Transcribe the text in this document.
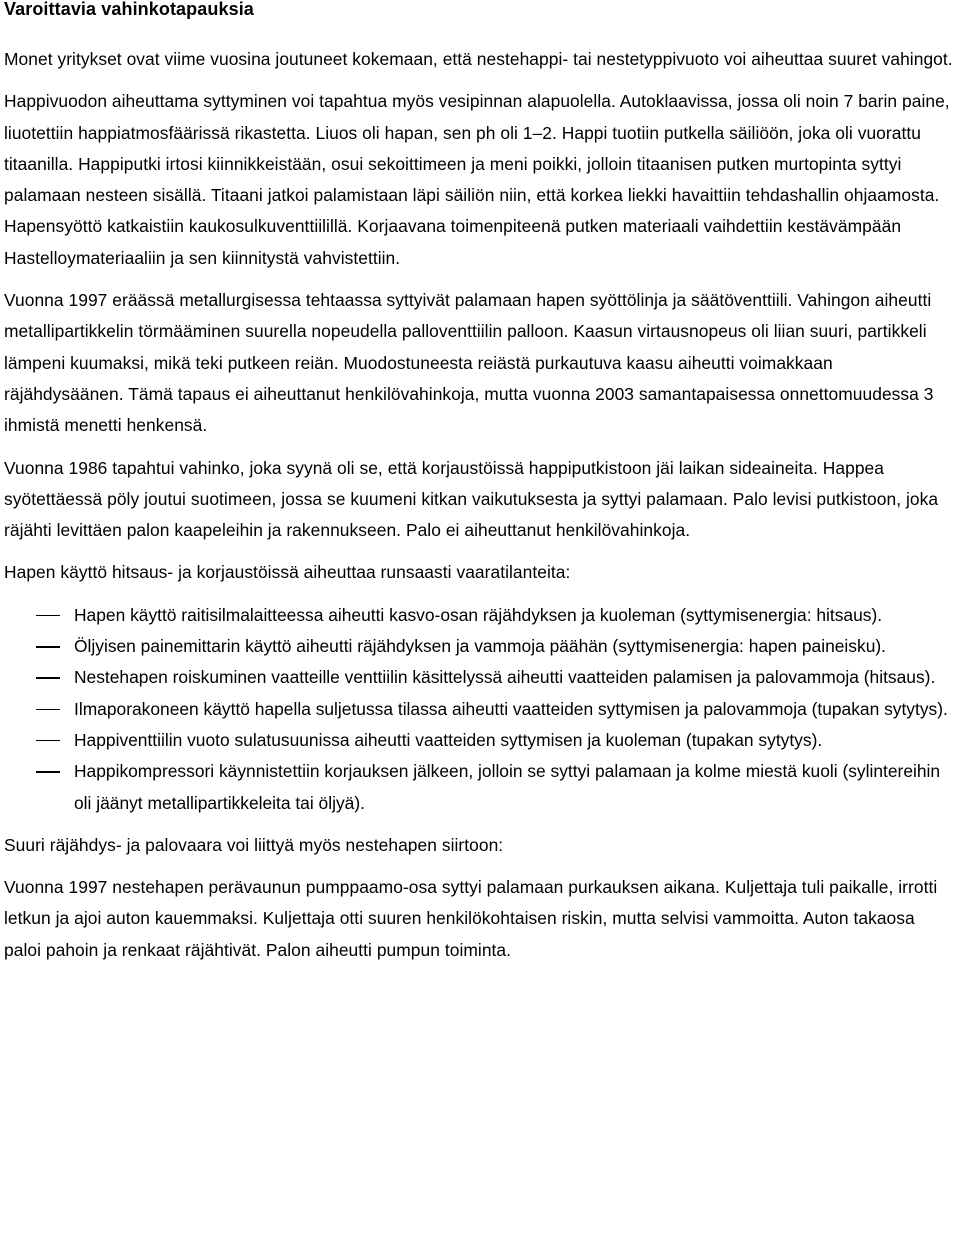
Varoittavia vahinkotapauksia

Monet yritykset ovat viime vuosina joutuneet kokemaan, että nestehappi- tai nestetyppivuoto voi aiheuttaa suuret vahingot.

Happivuodon aiheuttama syttyminen voi tapahtua myös vesipinnan alapuolella. Autoklaavissa, jossa oli noin 7 barin paine, liuotettiin happiatmosfäärissä rikastetta. Liuos oli hapan, sen ph oli 1–2. Happi tuotiin putkella säiliöön, joka oli vuorattu titaanilla. Happiputki irtosi kiinnikkeistään, osui sekoittimeen ja meni poikki, jolloin titaanisen putken murtopinta syttyi palamaan nesteen sisällä. Titaani jatkoi palamistaan läpi säiliön niin, että korkea liekki havaittiin tehdashallin ohjaamosta. Hapensyöttö katkaistiin kaukosulkuventtiilillä. Korjaavana toimenpiteenä putken materiaali vaihdettiin kestävämpään Hastelloymateriaaliin ja sen kiinnitystä vahvistettiin.

Vuonna 1997 eräässä metallurgisessa tehtaassa syttyivät palamaan hapen syöttölinja ja säätöventtiili. Vahingon aiheutti metallipartikkelin törmääminen suurella nopeudella palloventtiilin palloon. Kaasun virtausnopeus oli liian suuri, partikkeli lämpeni kuumaksi, mikä teki putkeen reiän. Muodostuneesta reiästä purkautuva kaasu aiheutti voimakkaan räjähdysäänen. Tämä tapaus ei aiheuttanut henkilövahinkoja, mutta vuonna 2003 samantapaisessa onnettomuudessa 3 ihmistä menetti henkensä.

Vuonna 1986 tapahtui vahinko, joka syynä oli se, että korjaustöissä happiputkistoon jäi laikan sideaineita. Happea syötettäessä pöly joutui suotimeen, jossa se kuumeni kitkan vaikutuksesta ja syttyi palamaan. Palo levisi putkistoon, joka räjähti levittäen palon kaapeleihin ja rakennukseen. Palo ei aiheuttanut henkilövahinkoja.

Hapen käyttö hitsaus- ja korjaustöissä aiheuttaa runsaasti vaaratilanteita:

Hapen käyttö raitisilmalaitteessa aiheutti kasvo-osan räjähdyksen ja kuoleman (syttymisenergia: hitsaus).
Öljyisen painemittarin käyttö aiheutti räjähdyksen ja vammoja päähän (syttymisenergia: hapen paineisku).
Nestehapen roiskuminen vaatteille venttiilin käsittelyssä aiheutti vaatteiden palamisen ja palovammoja (hitsaus).
Ilmaporakoneen käyttö hapella suljetussa tilassa aiheutti vaatteiden syttymisen ja palovammoja (tupakan sytytys).
Happiventtiilin vuoto sulatusuunissa aiheutti vaatteiden syttymisen ja kuoleman (tupakan sytytys).
Happikompressori käynnistettiin korjauksen jälkeen, jolloin se syttyi palamaan ja kolme miestä kuoli (sylintereihin oli jäänyt metallipartikkeleita tai öljyä).

Suuri räjähdys- ja palovaara voi liittyä myös nestehapen siirtoon:

Vuonna 1997 nestehapen perävaunun pumppaamo-osa syttyi palamaan purkauksen aikana. Kuljettaja tuli paikalle, irrotti letkun ja ajoi auton kauemmaksi. Kuljettaja otti suuren henkilökohtaisen riskin, mutta selvisi vammoitta. Auton takaosa paloi pahoin ja renkaat räjähtivät. Palon aiheutti pumpun toiminta.
